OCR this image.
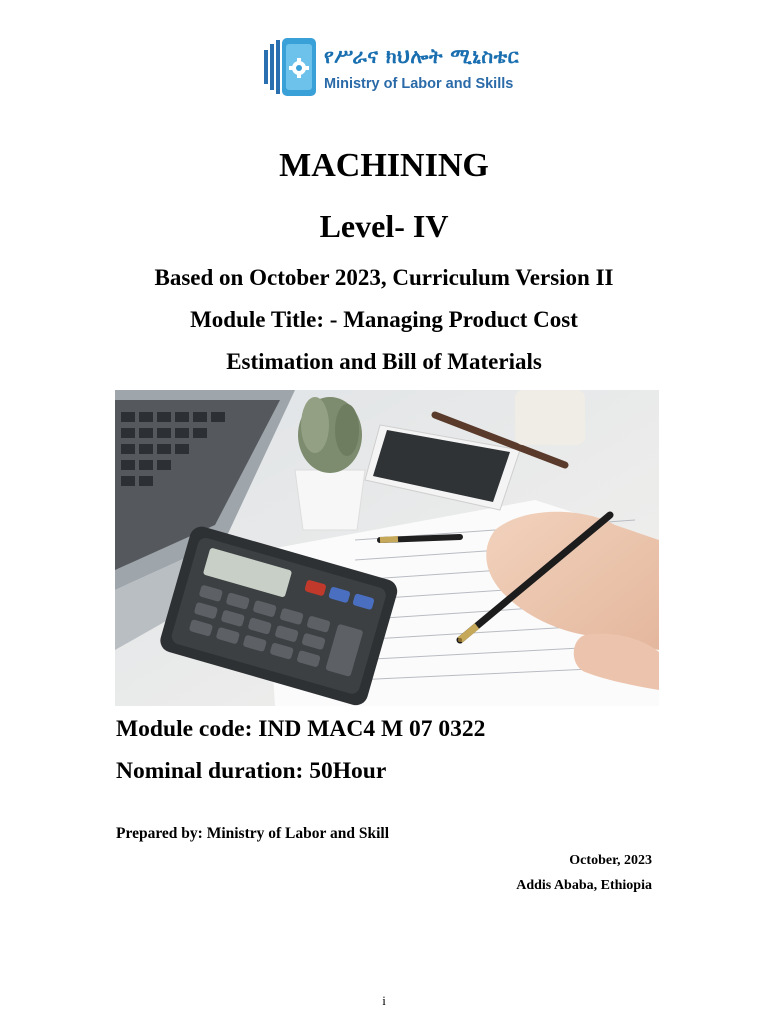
የሥራና ክህሎት ሚኒስቴር
Ministry of Labor and Skills
MACHINING
Level- IV
Based on October 2023, Curriculum Version II
Module Title: - Managing Product Cost
Estimation and Bill of Materials
Module code: IND MAC4 M 07 0322
Nominal duration: 50Hour
Prepared by: Ministry of Labor and Skill
October, 2023
Addis Ababa, Ethiopia
i
